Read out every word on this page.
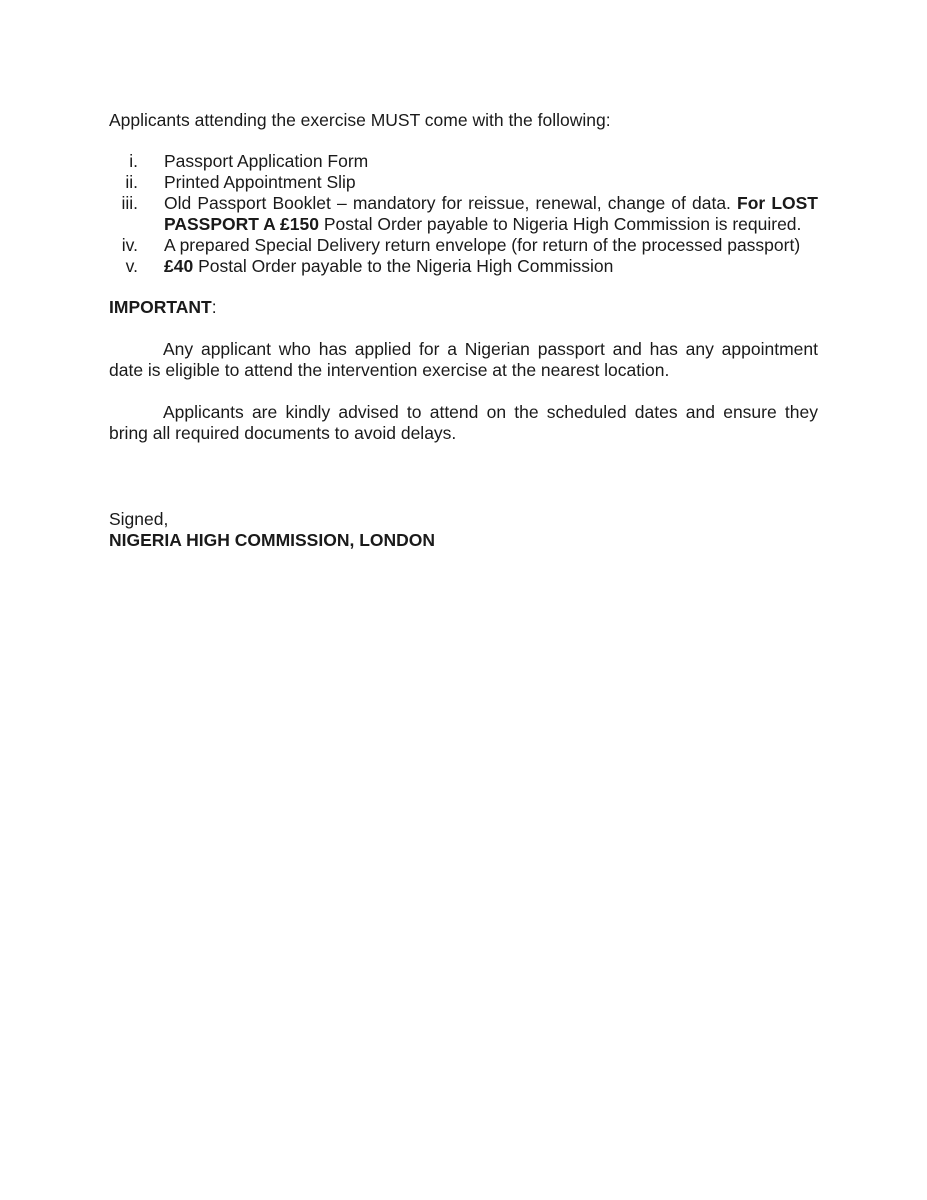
Applicants attending the exercise MUST come with the following:

i. Passport Application Form
ii. Printed Appointment Slip
iii. Old Passport Booklet – mandatory for reissue, renewal, change of data. For LOST PASSPORT A £150 Postal Order payable to Nigeria High Commission is required.
iv. A prepared Special Delivery return envelope (for return of the processed passport)
v. £40 Postal Order payable to the Nigeria High Commission

IMPORTANT:

Any applicant who has applied for a Nigerian passport and has any appointment date is eligible to attend the intervention exercise at the nearest location.

Applicants are kindly advised to attend on the scheduled dates and ensure they bring all required documents to avoid delays.

Signed,

NIGERIA HIGH COMMISSION, LONDON
